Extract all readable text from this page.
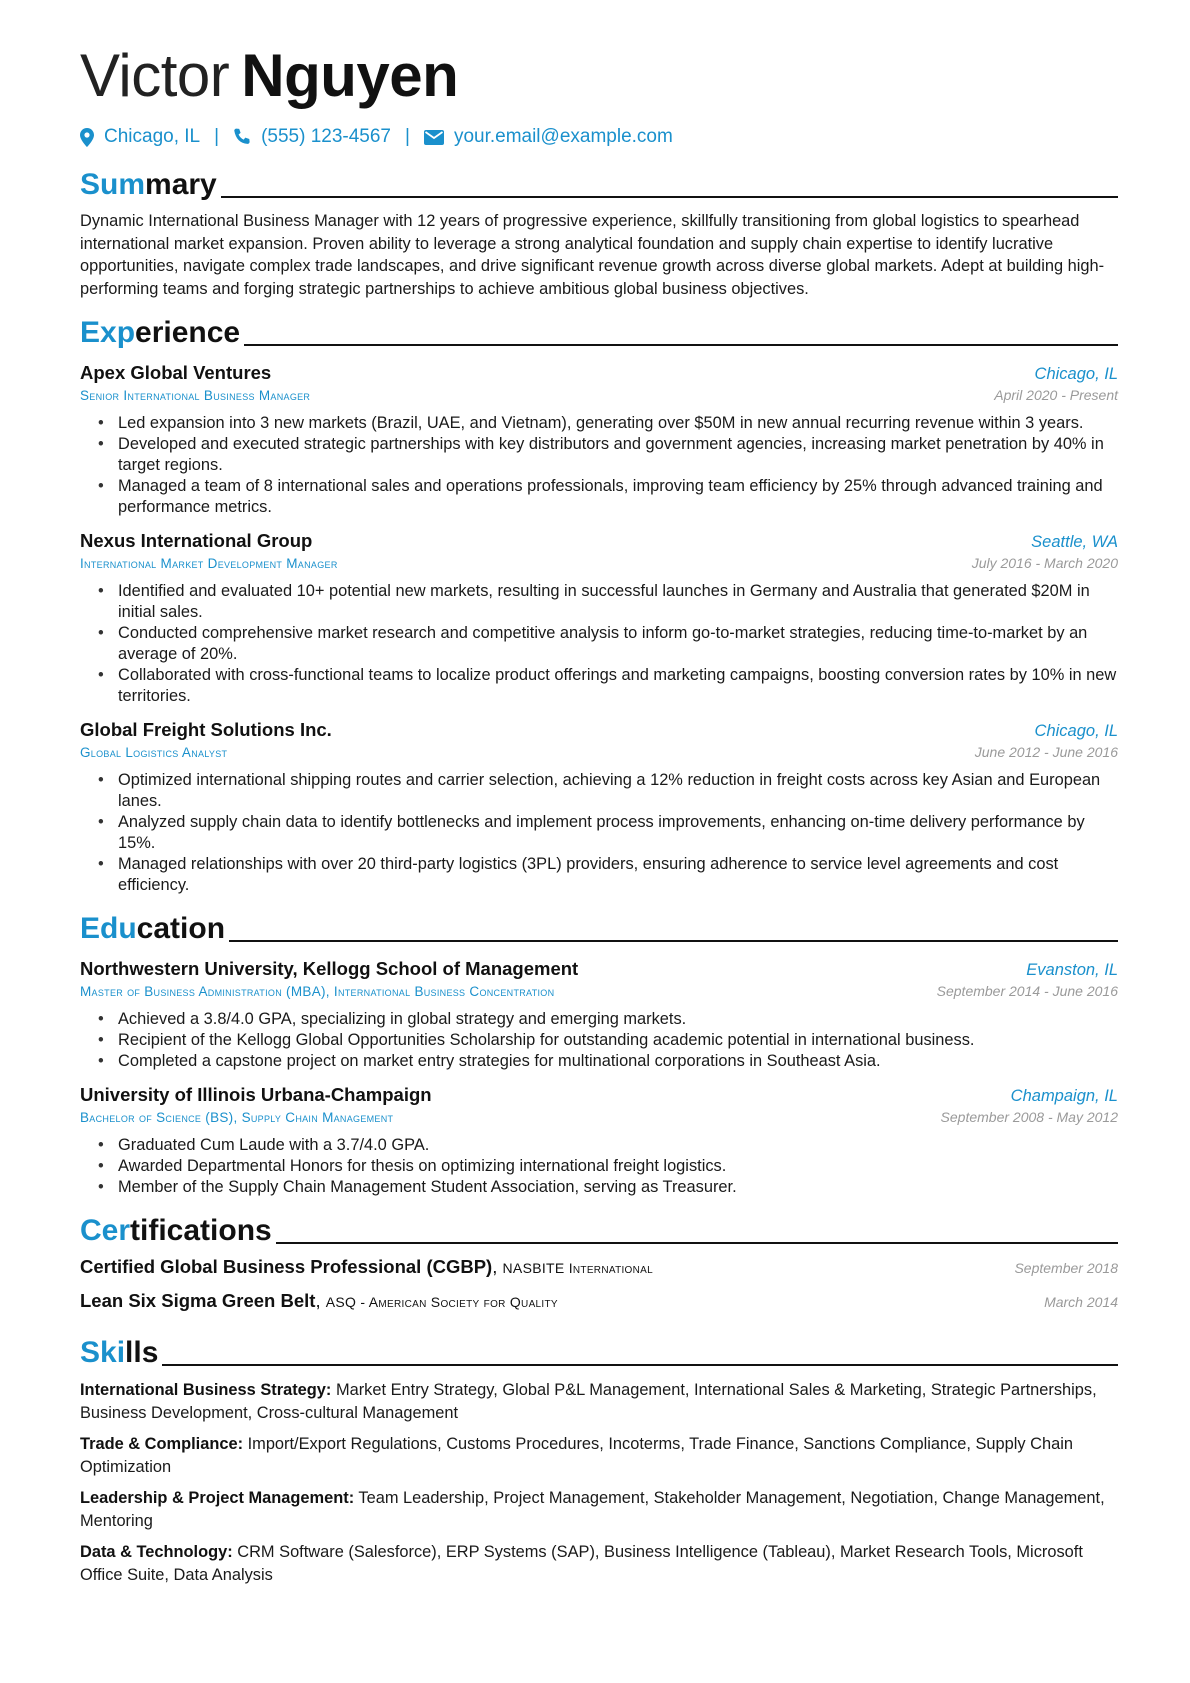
Victor Nguyen
Chicago, IL | (555) 123-4567 | your.email@example.com
Summary

Dynamic International Business Manager with 12 years of progressive experience, skillfully transitioning from global logistics to spearhead international market expansion. Proven ability to leverage a strong analytical foundation and supply chain expertise to identify lucrative opportunities, navigate complex trade landscapes, and drive significant revenue growth across diverse global markets. Adept at building high-performing teams and forging strategic partnerships to achieve ambitious global business objectives.

Experience
Apex Global Ventures	Chicago, IL
Senior International Business Manager	April 2020 - Present
• Led expansion into 3 new markets (Brazil, UAE, and Vietnam), generating over $50M in new annual recurring revenue within 3 years.
• Developed and executed strategic partnerships with key distributors and government agencies, increasing market penetration by 40% in target regions.
• Managed a team of 8 international sales and operations professionals, improving team efficiency by 25% through advanced training and performance metrics.
Nexus International Group	Seattle, WA
International Market Development Manager	July 2016 - March 2020
• Identified and evaluated 10+ potential new markets, resulting in successful launches in Germany and Australia that generated $20M in initial sales.
• Conducted comprehensive market research and competitive analysis to inform go-to-market strategies, reducing time-to-market by an average of 20%.
• Collaborated with cross-functional teams to localize product offerings and marketing campaigns, boosting conversion rates by 10% in new territories.
Global Freight Solutions Inc.	Chicago, IL
Global Logistics Analyst	June 2012 - June 2016
• Optimized international shipping routes and carrier selection, achieving a 12% reduction in freight costs across key Asian and European lanes.
• Analyzed supply chain data to identify bottlenecks and implement process improvements, enhancing on-time delivery performance by 15%.
• Managed relationships with over 20 third-party logistics (3PL) providers, ensuring adherence to service level agreements and cost efficiency.
Education
Northwestern University, Kellogg School of Management	Evanston, IL
Master of Business Administration (MBA), International Business Concentration	September 2014 - June 2016
• Achieved a 3.8/4.0 GPA, specializing in global strategy and emerging markets.
• Recipient of the Kellogg Global Opportunities Scholarship for outstanding academic potential in international business.
• Completed a capstone project on market entry strategies for multinational corporations in Southeast Asia.
University of Illinois Urbana-Champaign	Champaign, IL
Bachelor of Science (BS), Supply Chain Management	September 2008 - May 2012
• Graduated Cum Laude with a 3.7/4.0 GPA.
• Awarded Departmental Honors for thesis on optimizing international freight logistics.
• Member of the Supply Chain Management Student Association, serving as Treasurer.
Certifications
Certified Global Business Professional (CGBP), NASBITE International	September 2018
Lean Six Sigma Green Belt, ASQ - American Society for Quality	March 2014
Skills
International Business Strategy: Market Entry Strategy, Global P&L Management, International Sales & Marketing, Strategic Partnerships, Business Development, Cross-cultural Management
Trade & Compliance: Import/Export Regulations, Customs Procedures, Incoterms, Trade Finance, Sanctions Compliance, Supply Chain Optimization
Leadership & Project Management: Team Leadership, Project Management, Stakeholder Management, Negotiation, Change Management, Mentoring
Data & Technology: CRM Software (Salesforce), ERP Systems (SAP), Business Intelligence (Tableau), Market Research Tools, Microsoft Office Suite, Data Analysis
